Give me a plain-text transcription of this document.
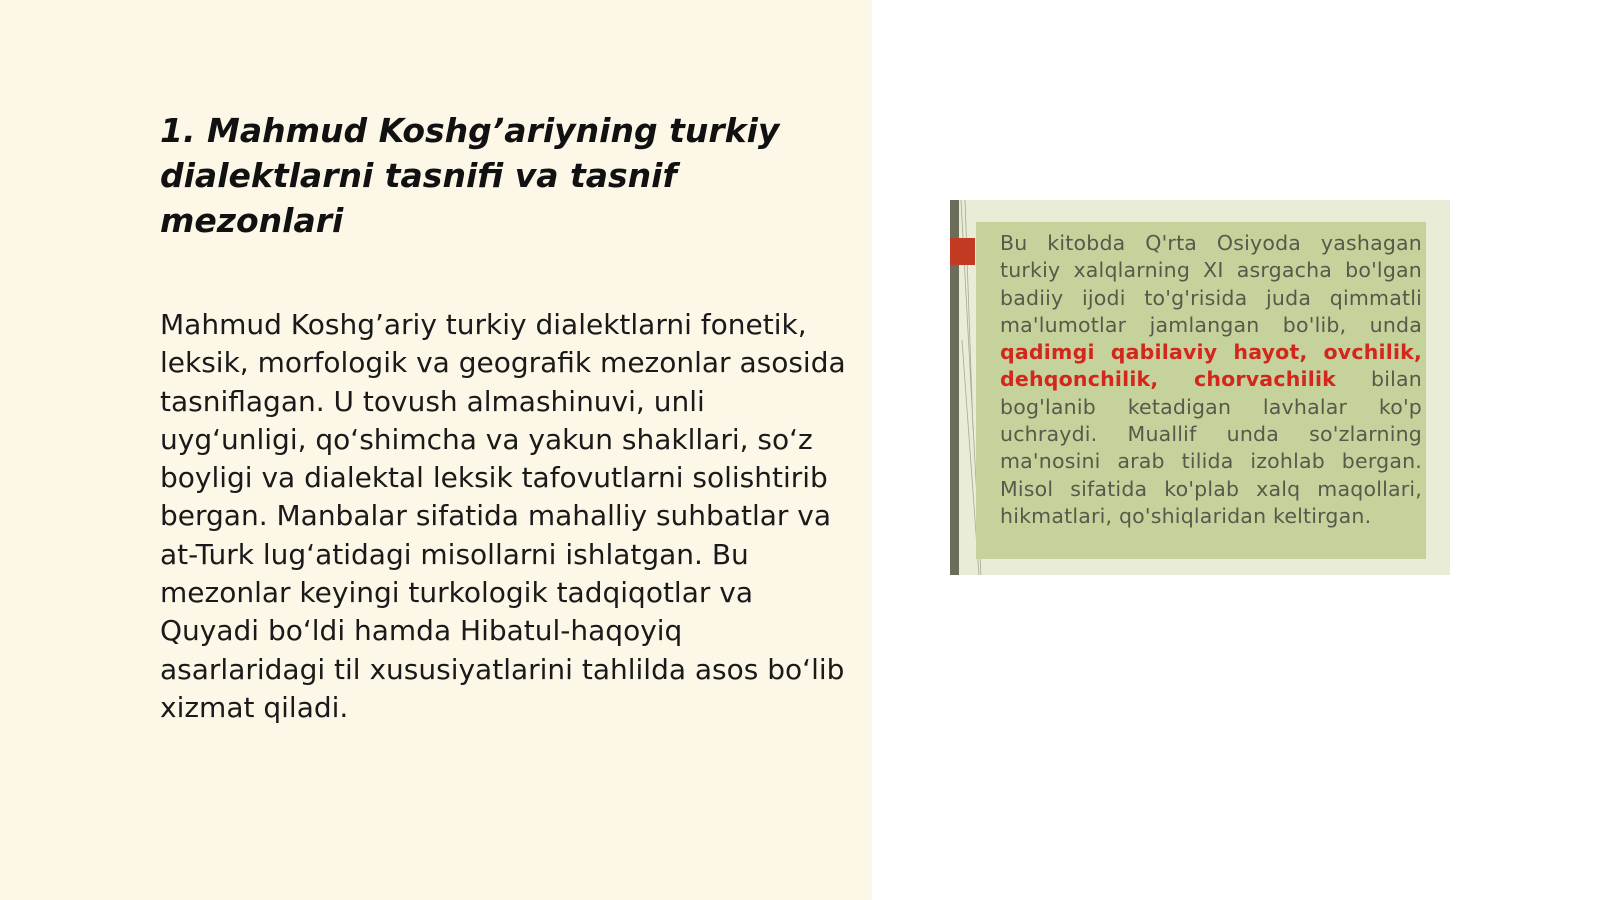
1. Mahmud Koshg’ariyning turkiy dialektlarni tasnifi va tasnif mezonlari

Mahmud Koshg’ariy turkiy dialektlarni fonetik, leksik, morfologik va geografik mezonlar asosida tasniflagan. U tovush almashinuvi, unli uyg‘unligi, qo‘shimcha va yakun shakllari, so‘z boyligi va dialektal leksik tafovutlarni solishtirib bergan. Manbalar sifatida mahalliy suhbatlar va at-Turk lug‘atidagi misollarni ishlatgan. Bu mezonlar keyingi turkologik tadqiqotlar va Quyadi bo‘ldi hamda Hibatul-haqoyiq asarlaridagi til xususiyatlarini tahlilda asos bo‘lib xizmat qiladi.

Bu kitobda Q'rta Osiyoda yashagan turkiy xalqlarning XI asrgacha bo'lgan badiiy ijodi to'g'risida juda qimmatli ma'lumotlar jamlangan bo'lib, unda qadimgi qabilaviy hayot, ovchilik, dehqonchilik, chorvachilik bilan bog'lanib ketadigan lavhalar ko'p uchraydi. Muallif unda so'zlarning ma'nosini arab tilida izohlab bergan. Misol sifatida ko'plab xalq maqollari, hikmatlari, qo'shiqlaridan keltirgan.
